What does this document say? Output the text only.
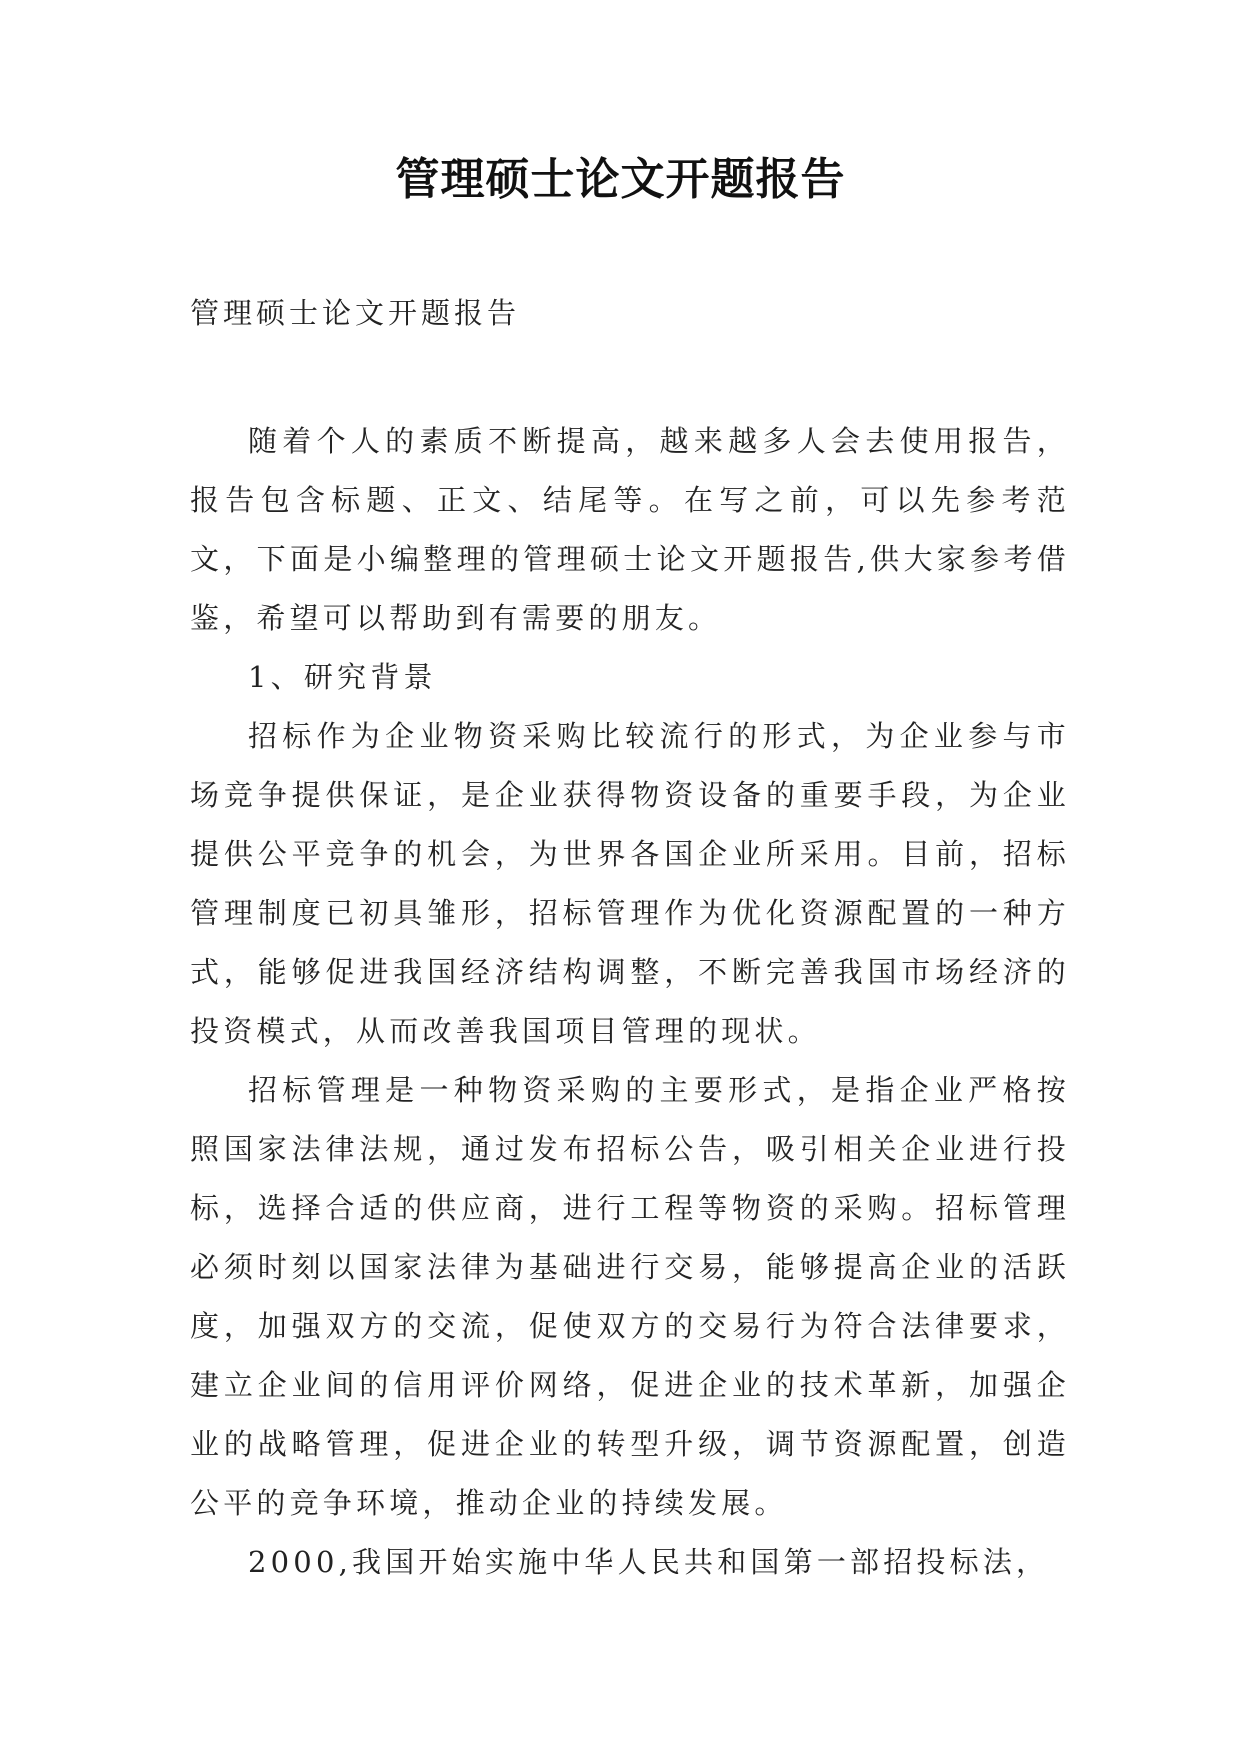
管理硕士论文开题报告
管理硕士论文开题报告

随着个人的素质不断提高，越来越多人会去使用报告，报告包含标题、正文、结尾等。在写之前，可以先参考范文，下面是小编整理的管理硕士论文开题报告,供大家参考借鉴，希望可以帮助到有需要的朋友。

1、研究背景

招标作为企业物资采购比较流行的形式，为企业参与市场竞争提供保证，是企业获得物资设备的重要手段，为企业提供公平竞争的机会，为世界各国企业所采用。目前，招标管理制度已初具雏形，招标管理作为优化资源配置的一种方式，能够促进我国经济结构调整，不断完善我国市场经济的投资模式，从而改善我国项目管理的现状。

招标管理是一种物资采购的主要形式，是指企业严格按照国家法律法规，通过发布招标公告，吸引相关企业进行投标，选择合适的供应商，进行工程等物资的采购。招标管理必须时刻以国家法律为基础进行交易，能够提高企业的活跃度，加强双方的交流，促使双方的交易行为符合法律要求，建立企业间的信用评价网络，促进企业的技术革新，加强企业的战略管理，促进企业的转型升级，调节资源配置，创造公平的竞争环境，推动企业的持续发展。

2000,我国开始实施中华人民共和国第一部招投标法，
